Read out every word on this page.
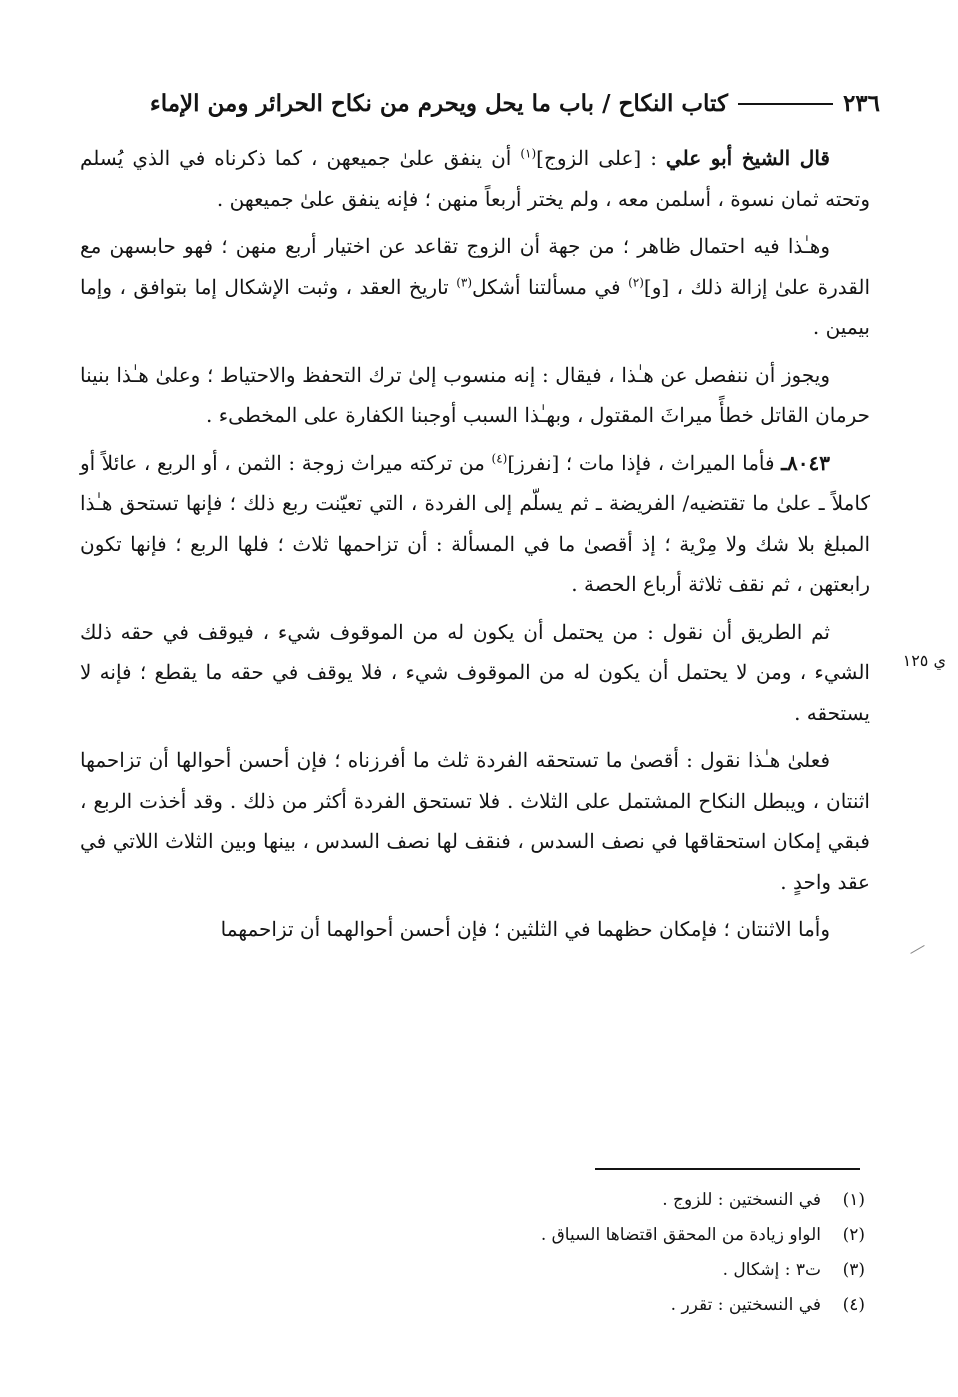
٢٣٦
كتاب النكاح / باب ما يحل ويحرم من نكاح الحرائر ومن الإماء
ي ١٢٥

قال الشيخ أبو علي : [على الزوج]$^{(١)}$ أن ينفق علىٰ جميعهن ، كما ذكرناه في الذي يُسلم وتحته ثمان نسوة ، أسلمن معه ، ولم يختر أربعاً منهن ؛ فإنه ينفق علىٰ جميعهن .

وهـٰذا فيه احتمال ظاهر ؛ من جهة أن الزوج تقاعد عن اختيار أربع منهن ؛ فهو حابسهن مع القدرة علىٰ إزالة ذلك ، [و]$^{(٢)}$ في مسألتنا أشكل$^{(٣)}$ تاريخ العقد ، وثبت الإشكال إما بتوافق ، وإما بيمين .

ويجوز أن ننفصل عن هـٰذا ، فيقال : إنه منسوب إلىٰ ترك التحفظ والاحتياط ؛ وعلىٰ هـٰذا بنينا حرمان القاتل خطأً ميراثَ المقتول ، وبهـٰذا السبب أوجبنا الكفارة على المخطىء .

٨٠٤٣ـ فأما الميراث ، فإذا مات ؛ [نفرز]$^{(٤)}$ من تركته ميراث زوجة : الثمن ، أو الربع ، عائلاً أو كاملاً ـ علىٰ ما تقتضيه/ الفريضة ـ ثم يسلّم إلى الفردة ، التي تعيّنت ربع ذلك ؛ فإنها تستحق هـٰذا المبلغ بلا شك ولا مِرْية ؛ إذ أقصىٰ ما في المسألة : أن تزاحمها ثلاث ؛ فلها الربع ؛ فإنها تكون رابعتهن ، ثم نقف ثلاثة أرباع الحصة .

ثم الطريق أن نقول : من يحتمل أن يكون له من الموقوف شيء ، فيوقف في حقه ذلك الشيء ، ومن لا يحتمل أن يكون له من الموقوف شيء ، فلا يوقف في حقه ما يقطع ؛ فإنه لا يستحقه .

فعلىٰ هـٰذا نقول : أقصىٰ ما تستحقه الفردة ثلث ما أفرزناه ؛ فإن أحسن أحوالها أن تزاحمها اثنتان ، ويبطل النكاح المشتمل على الثلاث . فلا تستحق الفردة أكثر من ذلك . وقد أخذت الربع ، فبقي إمكان استحقاقها في نصف السدس ، فنقف لها نصف السدس ، بينها وبين الثلاث اللاتي في عقد واحدٍ .

وأما الاثنتان ؛ فإمكان حظهما في الثلثين ؛ فإن أحسن أحوالهما أن تزاحمهما

(١)في النسختين : للزوج .
(٢)الواو زيادة من المحقق اقتضاها السياق .
(٣)ت٣ : إشكال .
(٤)في النسختين : تقرر .
